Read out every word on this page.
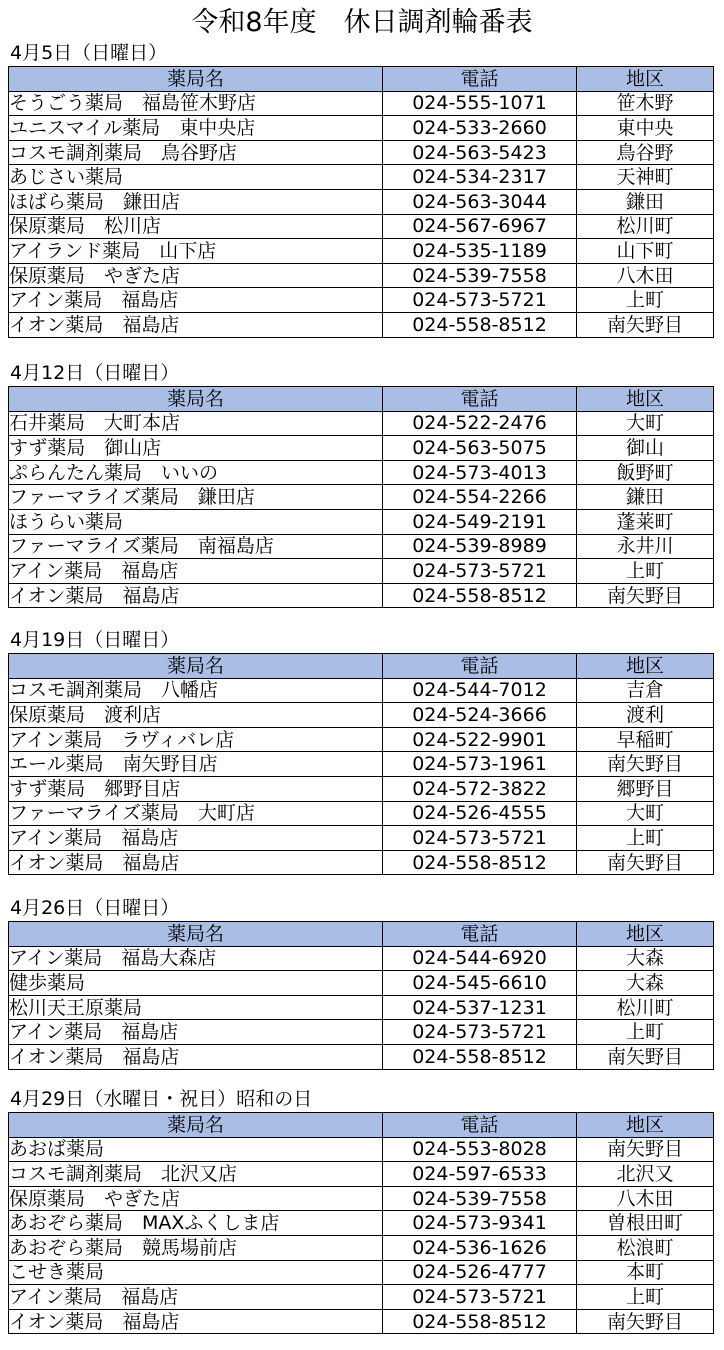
令和8年度　休日調剤輪番表
4月5日（日曜日）
薬局名	電話	地区
そうごう薬局　福島笹木野店	024-555-1071	笹木野
ユニスマイル薬局　東中央店	024-533-2660	東中央
コスモ調剤薬局　鳥谷野店	024-563-5423	鳥谷野
あじさい薬局	024-534-2317	天神町
ほばら薬局　鎌田店	024-563-3044	鎌田
保原薬局　松川店	024-567-6967	松川町
アイランド薬局　山下店	024-535-1189	山下町
保原薬局　やぎた店	024-539-7558	八木田
アイン薬局　福島店	024-573-5721	上町
イオン薬局　福島店	024-558-8512	南矢野目
4月12日（日曜日）
薬局名	電話	地区
石井薬局　大町本店	024-522-2476	大町
すず薬局　御山店	024-563-5075	御山
ぷらんたん薬局　いいの	024-573-4013	飯野町
ファーマライズ薬局　鎌田店	024-554-2266	鎌田
ほうらい薬局	024-549-2191	蓬莱町
ファーマライズ薬局　南福島店	024-539-8989	永井川
アイン薬局　福島店	024-573-5721	上町
イオン薬局　福島店	024-558-8512	南矢野目
4月19日（日曜日）
薬局名	電話	地区
コスモ調剤薬局　八幡店	024-544-7012	吉倉
保原薬局　渡利店	024-524-3666	渡利
アイン薬局　ラヴィバレ店	024-522-9901	早稲町
エール薬局　南矢野目店	024-573-1961	南矢野目
すず薬局　郷野目店	024-572-3822	郷野目
ファーマライズ薬局　大町店	024-526-4555	大町
アイン薬局　福島店	024-573-5721	上町
イオン薬局　福島店	024-558-8512	南矢野目
4月26日（日曜日）
薬局名	電話	地区
アイン薬局　福島大森店	024-544-6920	大森
健歩薬局	024-545-6610	大森
松川天王原薬局	024-537-1231	松川町
アイン薬局　福島店	024-573-5721	上町
イオン薬局　福島店	024-558-8512	南矢野目
4月29日（水曜日・祝日）昭和の日
薬局名	電話	地区
あおば薬局	024-553-8028	南矢野目
コスモ調剤薬局　北沢又店	024-597-6533	北沢又
保原薬局　やぎた店	024-539-7558	八木田
あおぞら薬局　MAXふくしま店	024-573-9341	曽根田町
あおぞら薬局　競馬場前店	024-536-1626	松浪町
こせき薬局	024-526-4777	本町
アイン薬局　福島店	024-573-5721	上町
イオン薬局　福島店	024-558-8512	南矢野目
